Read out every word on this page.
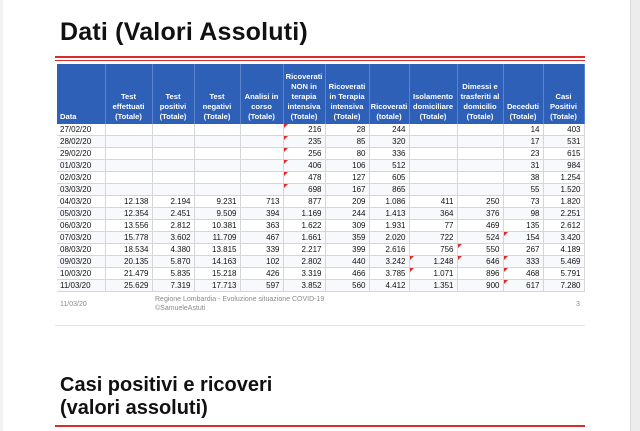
Dati (Valori Assoluti)
Data	Test effettuati (Totale)	Test positivi (Totale)	Test negativi (Totale)	Analisi in corso (Totale)	Ricoverati NON in terapia intensiva (Totale)	Ricoverati in Terapia intensiva (Totale)	Ricoverati (totale)	Isolamento domiciliare (Totale)	Dimessi e trasferiti al domicilio (Totale)	Deceduti (Totale)	Casi Positivi (Totale)
27/02/20					216	28	244			14	403
28/02/20					235	85	320			17	531
29/02/20					256	80	336			23	615
01/03/20					406	106	512			31	984
02/03/20					478	127	605			38	1.254
03/03/20					698	167	865			55	1.520
04/03/20	12.138	2.194	9.231	713	877	209	1.086	411	250	73	1.820
05/03/20	12.354	2.451	9.509	394	1.169	244	1.413	364	376	98	2.251
06/03/20	13.556	2.812	10.381	363	1.622	309	1.931	77	469	135	2.612
07/03/20	15.778	3.602	11.709	467	1.661	359	2.020	722	524	154	3.420
08/03/20	18.534	4.380	13.815	339	2.217	399	2.616	756	550	267	4.189
09/03/20	20.135	5.870	14.163	102	2.802	440	3.242	1.248	646	333	5.469
10/03/20	21.479	5.835	15.218	426	3.319	466	3.785	1.071	896	468	5.791
11/03/20	25.629	7.319	17.713	597	3.852	560	4.412	1.351	900	617	7.280
11/03/20
Regione Lombardia - Evoluzione situazione COVID-19
©SamueleAstuti	3
Casi positivi e ricoveri
(valori assoluti)
